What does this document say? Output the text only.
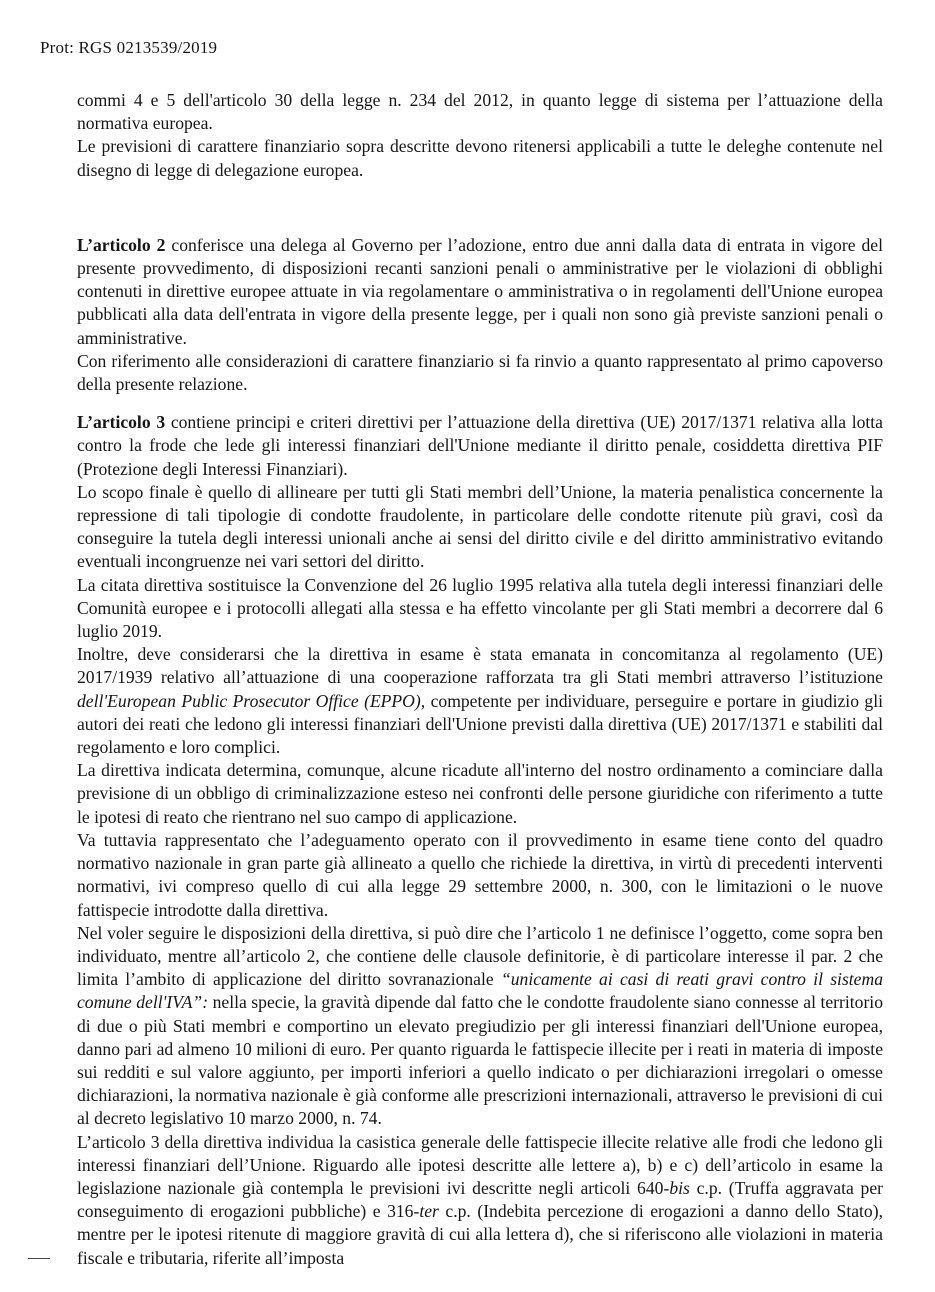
Prot: RGS 0213539/2019

commi 4 e 5 dell'articolo 30 della legge n. 234 del 2012, in quanto legge di sistema per l’attuazione della normativa europea.

Le previsioni di carattere finanziario sopra descritte devono ritenersi applicabili a tutte le deleghe contenute nel disegno di legge di delegazione europea.

L’articolo 2 conferisce una delega al Governo per l’adozione, entro due anni dalla data di entrata in vigore del presente provvedimento, di disposizioni recanti sanzioni penali o amministrative per le violazioni di obblighi contenuti in direttive europee attuate in via regolamentare o amministrativa o in regolamenti dell'Unione europea pubblicati alla data dell'entrata in vigore della presente legge, per i quali non sono già previste sanzioni penali o amministrative.

Con riferimento alle considerazioni di carattere finanziario si fa rinvio a quanto rappresentato al primo capoverso della presente relazione.

L’articolo 3 contiene principi e criteri direttivi per l’attuazione della direttiva (UE) 2017/1371 relativa alla lotta contro la frode che lede gli interessi finanziari dell'Unione mediante il diritto penale, cosiddetta direttiva PIF (Protezione degli Interessi Finanziari).

Lo scopo finale è quello di allineare per tutti gli Stati membri dell’Unione, la materia penalistica concernente la repressione di tali tipologie di condotte fraudolente, in particolare delle condotte ritenute più gravi, così da conseguire la tutela degli interessi unionali anche ai sensi del diritto civile e del diritto amministrativo evitando eventuali incongruenze nei vari settori del diritto.

La citata direttiva sostituisce la Convenzione del 26 luglio 1995 relativa alla tutela degli interessi finanziari delle Comunità europee e i protocolli allegati alla stessa e ha effetto vincolante per gli Stati membri a decorrere dal 6 luglio 2019.

Inoltre, deve considerarsi che la direttiva in esame è stata emanata in concomitanza al regolamento (UE) 2017/1939 relativo all’attuazione di una cooperazione rafforzata tra gli Stati membri attraverso l’istituzione dell'European Public Prosecutor Office (EPPO), competente per individuare, perseguire e portare in giudizio gli autori dei reati che ledono gli interessi finanziari dell'Unione previsti dalla direttiva (UE) 2017/1371 e stabiliti dal regolamento e loro complici.

La direttiva indicata determina, comunque, alcune ricadute all'interno del nostro ordinamento a cominciare dalla previsione di un obbligo di criminalizzazione esteso nei confronti delle persone giuridiche con riferimento a tutte le ipotesi di reato che rientrano nel suo campo di applicazione.

Va tuttavia rappresentato che l’adeguamento operato con il provvedimento in esame tiene conto del quadro normativo nazionale in gran parte già allineato a quello che richiede la direttiva, in virtù di precedenti interventi normativi, ivi compreso quello di cui alla legge 29 settembre 2000, n. 300, con le limitazioni o le nuove fattispecie introdotte dalla direttiva.

Nel voler seguire le disposizioni della direttiva, si può dire che l’articolo 1 ne definisce l’oggetto, come sopra ben individuato, mentre all’articolo 2, che contiene delle clausole definitorie, è di particolare interesse il par. 2 che limita l’ambito di applicazione del diritto sovranazionale “unicamente ai casi di reati gravi contro il sistema comune dell'IVA”: nella specie, la gravità dipende dal fatto che le condotte fraudolente siano connesse al territorio di due o più Stati membri e comportino un elevato pregiudizio per gli interessi finanziari dell'Unione europea, danno pari ad almeno 10 milioni di euro. Per quanto riguarda le fattispecie illecite per i reati in materia di imposte sui redditi e sul valore aggiunto, per importi inferiori a quello indicato o per dichiarazioni irregolari o omesse dichiarazioni, la normativa nazionale è già conforme alle prescrizioni internazionali, attraverso le previsioni di cui al decreto legislativo 10 marzo 2000, n. 74.

L’articolo 3 della direttiva individua la casistica generale delle fattispecie illecite relative alle frodi che ledono gli interessi finanziari dell’Unione. Riguardo alle ipotesi descritte alle lettere a), b) e c) dell’articolo in esame la legislazione nazionale già contempla le previsioni ivi descritte negli articoli 640-bis c.p. (Truffa aggravata per conseguimento di erogazioni pubbliche) e 316-ter c.p. (Indebita percezione di erogazioni a danno dello Stato), mentre per le ipotesi ritenute di maggiore gravità di cui alla lettera d), che si riferiscono alle violazioni in materia fiscale e tributaria, riferite all’imposta
